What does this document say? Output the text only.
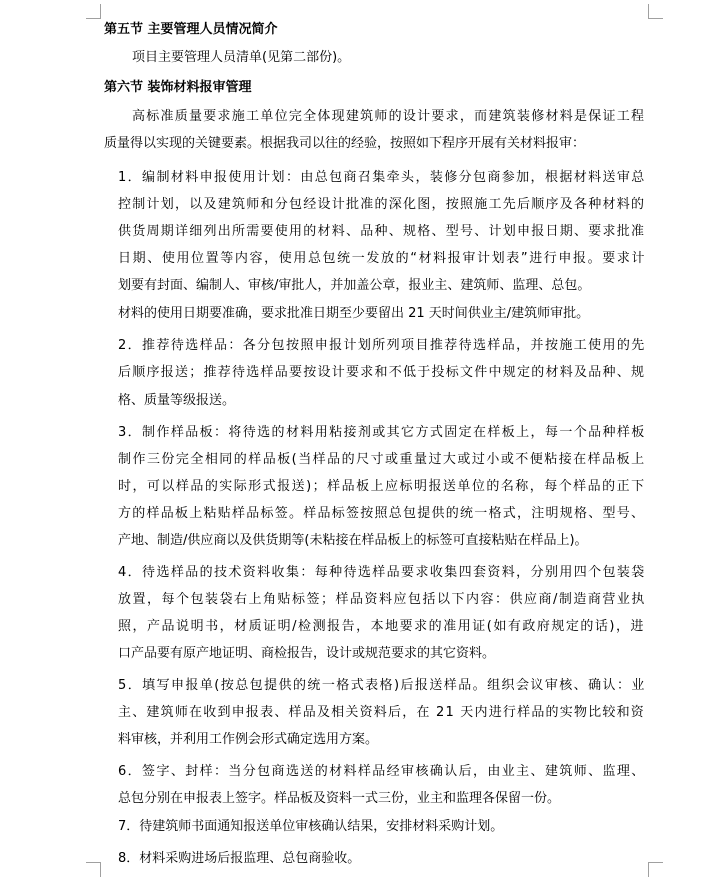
第五节 主要管理人员情况简介
项目主要管理人员清单(见第二部份)。
第六节 装饰材料报审管理
高标准质量要求施工单位完全体现建筑师的设计要求，而建筑装修材料是保证工程
质量得以实现的关键要素。根据我司以往的经验，按照如下程序开展有关材料报审：
1．编制材料申报使用计划：由总包商召集牵头，装修分包商参加，根据材料送审总
控制计划，以及建筑师和分包经设计批准的深化图，按照施工先后顺序及各种材料的
供货周期详细列出所需要使用的材料、品种、规格、型号、计划申报日期、要求批准
日期、使用位置等内容，使用总包统一发放的“材料报审计划表”进行申报。要求计
划要有封面、编制人、审核/审批人，并加盖公章，报业主、建筑师、监理、总包。
材料的使用日期要准确，要求批准日期至少要留出 21 天时间供业主/建筑师审批。
2．推荐待选样品：各分包按照申报计划所列项目推荐待选样品，并按施工使用的先
后顺序报送；推荐待选样品要按设计要求和不低于投标文件中规定的材料及品种、规
格、质量等级报送。
3．制作样品板：将待选的材料用粘接剂或其它方式固定在样板上，每一个品种样板
制作三份完全相同的样品板(当样品的尺寸或重量过大或过小或不便粘接在样品板上
时，可以样品的实际形式报送)；样品板上应标明报送单位的名称，每个样品的正下
方的样品板上粘贴样品标签。样品标签按照总包提供的统一格式，注明规格、型号、
产地、制造/供应商以及供货期等(未粘接在样品板上的标签可直接粘贴在样品上)。
4．待选样品的技术资料收集：每种待选样品要求收集四套资料，分别用四个包装袋
放置，每个包装袋右上角贴标签；样品资料应包括以下内容：供应商/制造商营业执
照，产品说明书，材质证明/检测报告，本地要求的准用证(如有政府规定的话)，进
口产品要有原产地证明、商检报告，设计或规范要求的其它资料。
5．填写申报单(按总包提供的统一格式表格)后报送样品。组织会议审核、确认：业
主、建筑师在收到申报表、样品及相关资料后，在 21 天内进行样品的实物比较和资
料审核，并利用工作例会形式确定选用方案。
6．签字、封样：当分包商选送的材料样品经审核确认后，由业主、建筑师、监理、
总包分别在申报表上签字。样品板及资料一式三份，业主和监理各保留一份。
7．待建筑师书面通知报送单位审核确认结果，安排材料采购计划。
8．材料采购进场后报监理、总包商验收。
